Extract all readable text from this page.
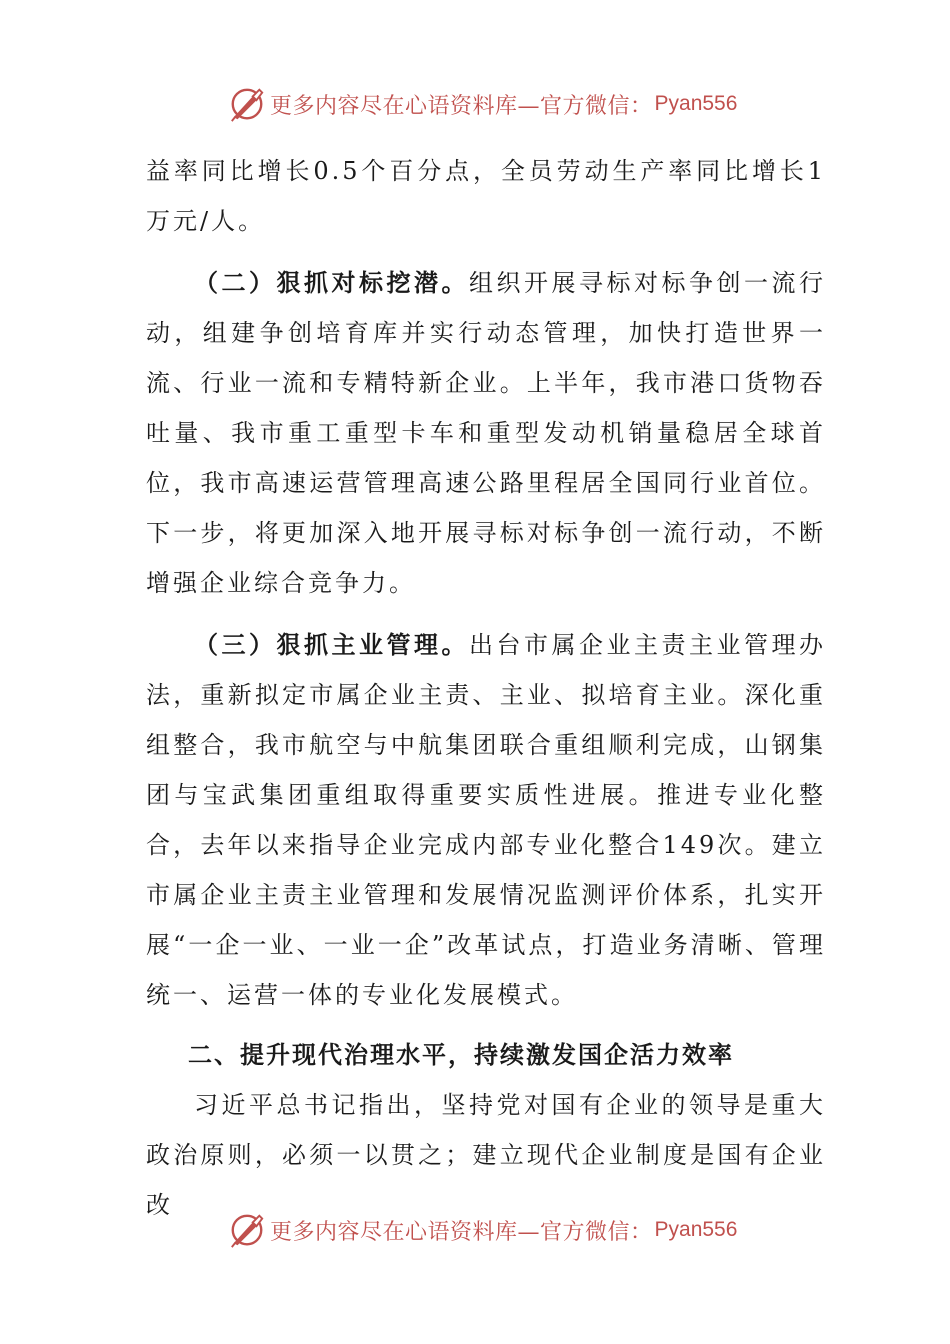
更多内容尽在心语资料库—官方微信： Pyan556

益率同比增长0.5个百分点，全员劳动生产率同比增长1万元/人。

（二）狠抓对标挖潜。组织开展寻标对标争创一流行动，组建争创培育库并实行动态管理，加快打造世界一流、行业一流和专精特新企业。上半年，我市港口货物吞吐量、我市重工重型卡车和重型发动机销量稳居全球首位，我市高速运营管理高速公路里程居全国同行业首位。下一步，将更加深入地开展寻标对标争创一流行动，不断增强企业综合竞争力。

（三）狠抓主业管理。出台市属企业主责主业管理办法，重新拟定市属企业主责、主业、拟培育主业。深化重组整合，我市航空与中航集团联合重组顺利完成，山钢集团与宝武集团重组取得重要实质性进展。推进专业化整合，去年以来指导企业完成内部专业化整合149次。建立市属企业主责主业管理和发展情况监测评价体系，扎实开展“一企一业、一业一企”改革试点，打造业务清晰、管理统一、运营一体的专业化发展模式。

二、提升现代治理水平，持续激发国企活力效率

习近平总书记指出，坚持党对国有企业的领导是重大政治原则，必须一以贯之；建立现代企业制度是国有企业改

更多内容尽在心语资料库—官方微信： Pyan556
